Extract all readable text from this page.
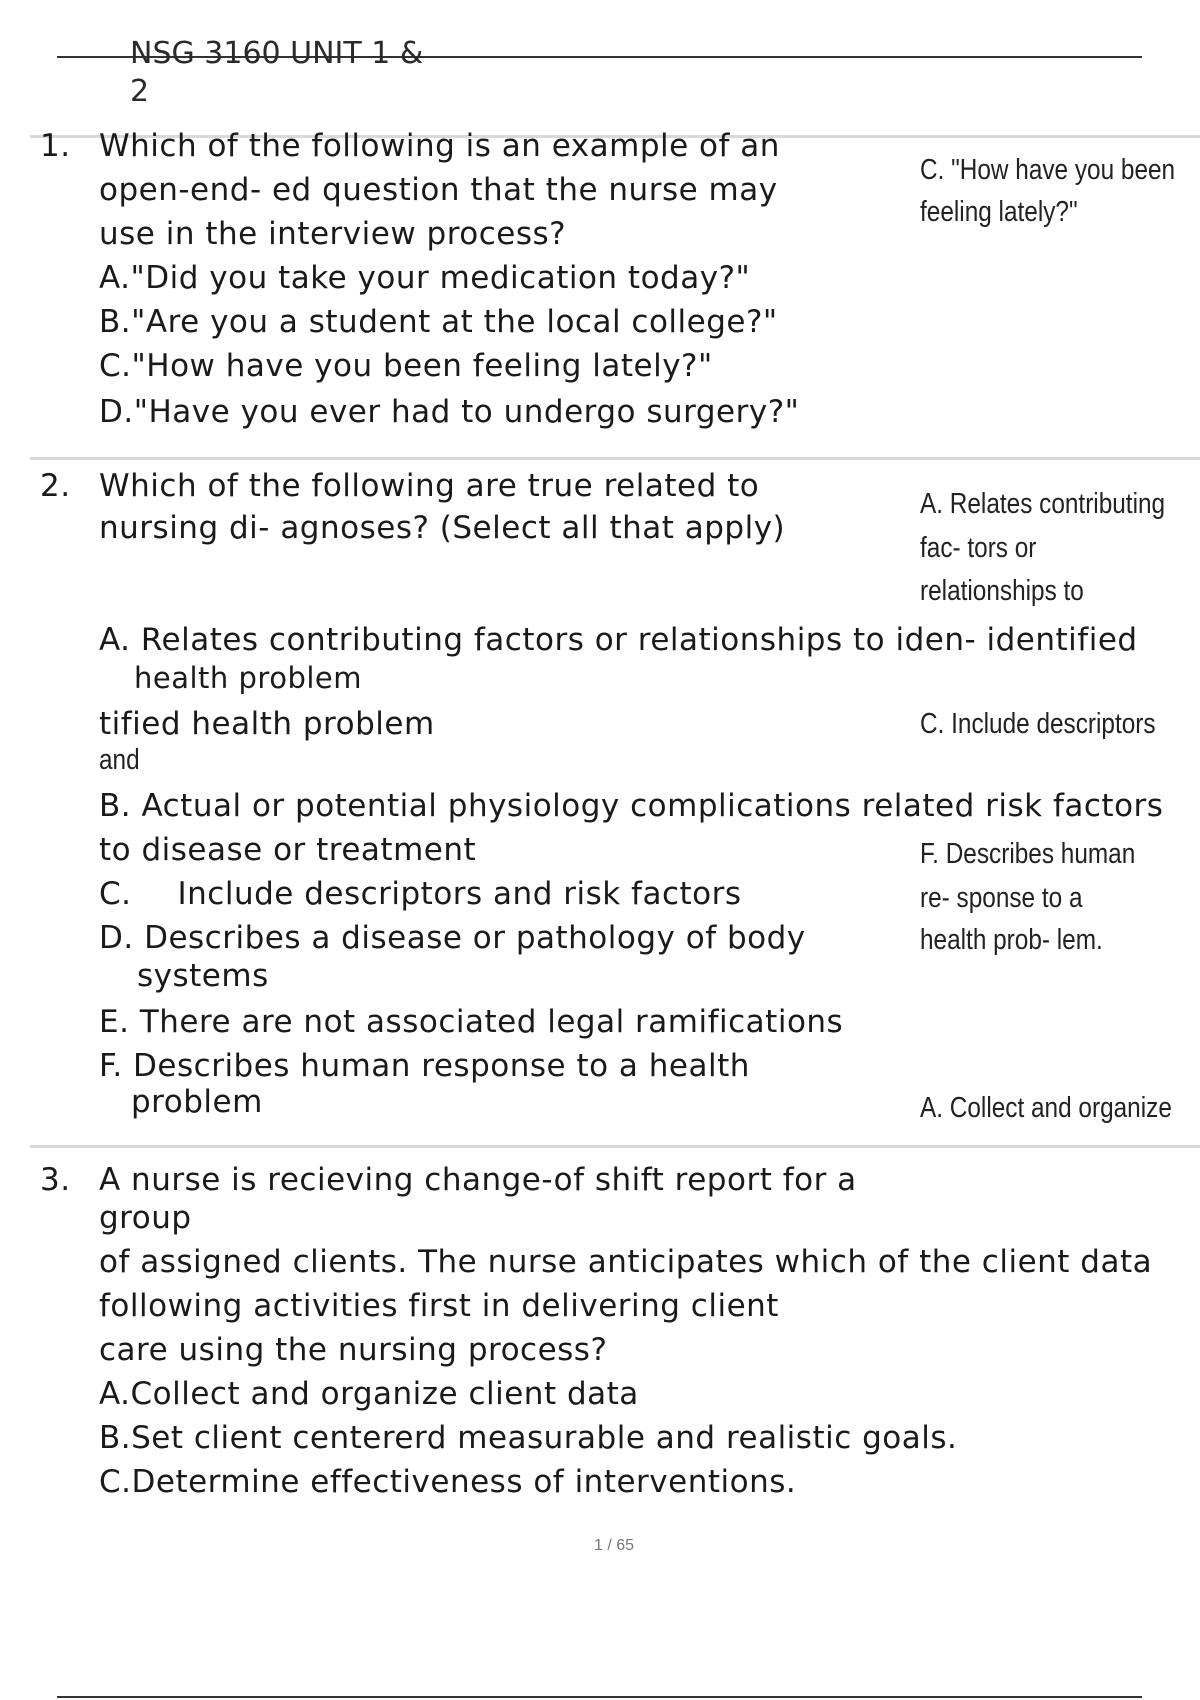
NSG 3160 UNIT 1 &
2
1. Which of the following is an example of an
open-end- ed question that the nurse may
use in the interview process?
A."Did you take your medication today?"
B."Are you a student at the local college?"
C."How have you been feeling lately?"
D."Have you ever had to undergo surgery?"
C. "How have you been
feeling lately?"
2. Which of the following are true related to
nursing di- agnoses? (Select all that apply)
A. Relates contributing
fac- tors or
relationships to
A. Relates contributing factors or relationships to iden- identified
health problem
tified health problem
and
C. Include descriptors
B. Actual or potential physiology complications related risk factors
to disease or treatment
C. Include descriptors and risk factors
D. Describes a disease or pathology of body
systems
E. There are not associated legal ramifications
F. Describes human response to a health
problem
F. Describes human
re- sponse to a
health prob- lem.
A. Collect and organize
3. A nurse is recieving change-of shift report for a
group
of assigned clients. The nurse anticipates which of the client data
following activities first in delivering client
care using the nursing process?
A.Collect and organize client data
B.Set client centererd measurable and realistic goals.
C.Determine effectiveness of interventions.
1 / 65
